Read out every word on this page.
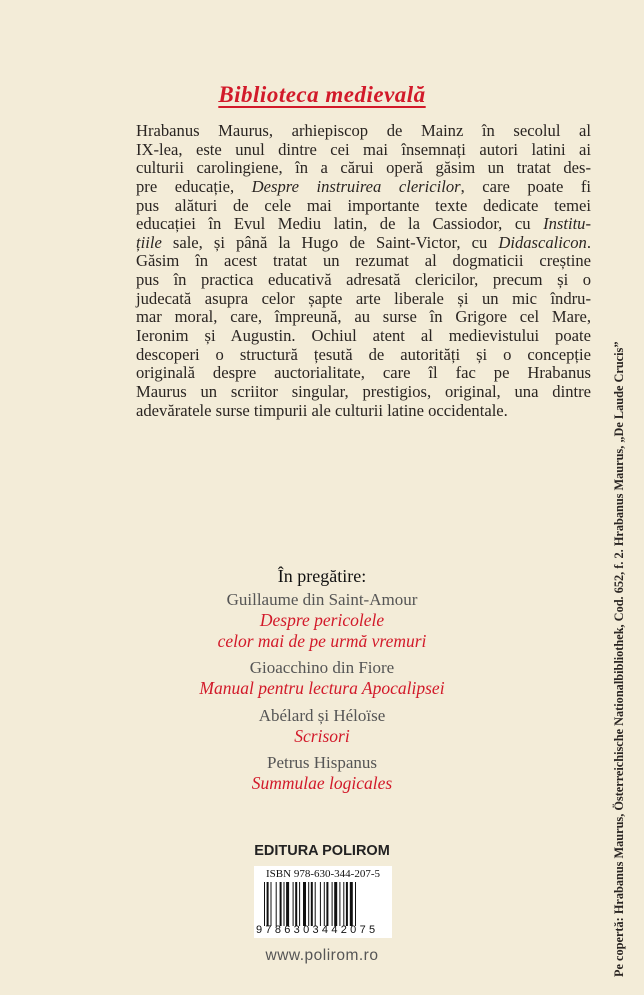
Biblioteca medievală
Hrabanus Maurus, arhiepiscop de Mainz în secolul al
IX-lea, este unul dintre cei mai însemnați autori latini ai
culturii carolingiene, în a cărui operă găsim un tratat des-
pre educație, Despre instruirea clericilor, care poate fi
pus alături de cele mai importante texte dedicate temei
educației în Evul Mediu latin, de la Cassiodor, cu Institu-
țiile sale, și până la Hugo de Saint-Victor, cu Didascalicon.
Găsim în acest tratat un rezumat al dogmaticii creștine
pus în practica educativă adresată clericilor, precum și o
judecată asupra celor șapte arte liberale și un mic îndru-
mar moral, care, împreună, au surse în Grigore cel Mare,
Ieronim și Augustin. Ochiul atent al medievistului poate
descoperi o structură țesută de autorități și o concepție
originală despre auctorialitate, care îl fac pe Hrabanus
Maurus un scriitor singular, prestigios, original, una dintre
adevăratele surse timpurii ale culturii latine occidentale.
În pregătire:
Guillaume din Saint-Amour
Despre pericolele
celor mai de pe urmă vremuri
Gioacchino din Fiore
Manual pentru lectura Apocalipsei
Abélard și Héloïse
Scrisori
Petrus Hispanus
Summulae logicales
EDITURA POLIROM
ISBN 978-630-344-207-5
9786303442075
www.polirom.ro	Pe copertă: Hrabanus Maurus, Österreichische Nationalbibliothek, Cod. 652, f. 2. Hrabanus Maurus, „De Laude Crucis”
